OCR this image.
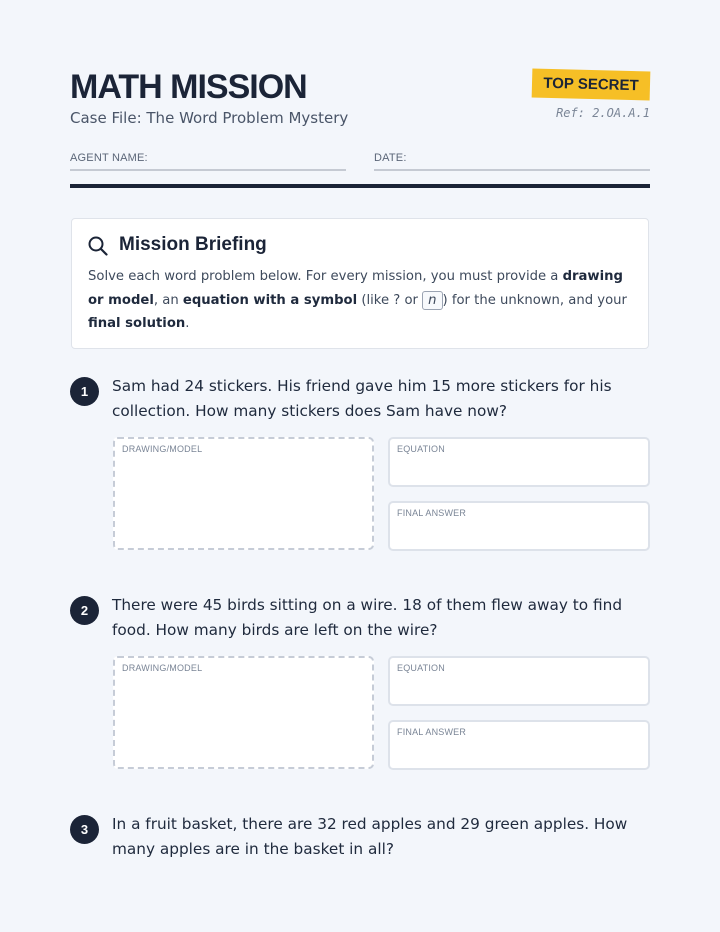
MATH MISSION
Case File: The Word Problem Mystery
TOP SECRET
Ref: 2.OA.A.1
AGENT NAME:	DATE:
Mission Briefing

Solve each word problem below. For every mission, you must provide a drawing or model, an equation with a symbol (like ? or n ) for the unknown, and your final solution.

1	Sam had 24 stickers. His friend gave him 15 more stickers for his collection. How many stickers does Sam have now?
DRAWING/MODEL	EQUATION
FINAL ANSWER
2	There were 45 birds sitting on a wire. 18 of them flew away to find food. How many birds are left on the wire?
DRAWING/MODEL	EQUATION
FINAL ANSWER
3	In a fruit basket, there are 32 red apples and 29 green apples. How many apples are in the basket in all?
